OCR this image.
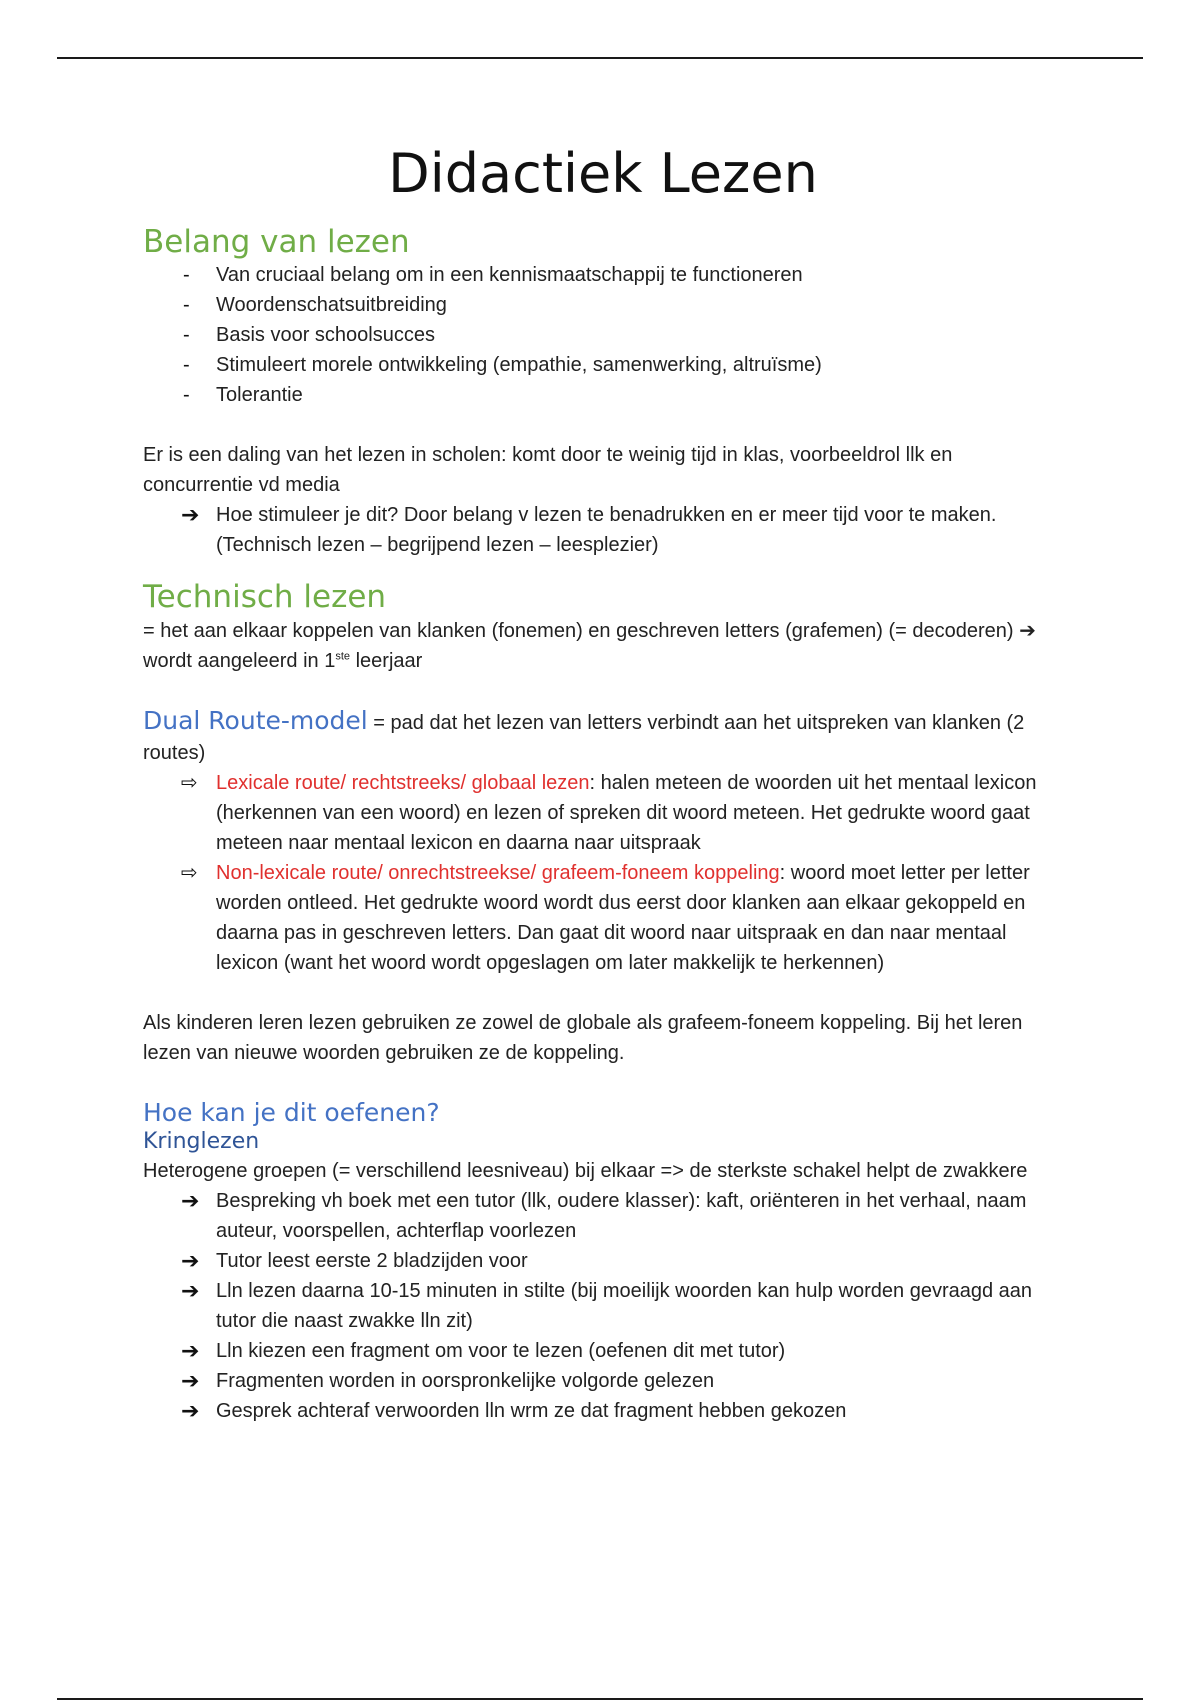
Didactiek Lezen
Belang van lezen
-	Van cruciaal belang om in een kennismaatschappij te functioneren
-	Woordenschatsuitbreiding
-	Basis voor schoolsucces
-	Stimuleert morele ontwikkeling (empathie, samenwerking, altruïsme)
-	Tolerantie

Er is een daling van het lezen in scholen: komt door te weinig tijd in klas, voorbeeldrol llk en concurrentie vd media

➔ Hoe stimuleer je dit? Door belang v lezen te benadrukken en er meer tijd voor te maken. (Technisch lezen – begrijpend lezen – leesplezier)
Technisch lezen

= het aan elkaar koppelen van klanken (fonemen) en geschreven letters (grafemen) (= decoderen) ➔ wordt aangeleerd in 1ste leerjaar

Dual Route-model = pad dat het lezen van letters verbindt aan het uitspreken van klanken (2 routes)

⇨ Lexicale route/ rechtstreeks/ globaal lezen: halen meteen de woorden uit het mentaal lexicon (herkennen van een woord) en lezen of spreken dit woord meteen. Het gedrukte woord gaat meteen naar mentaal lexicon en daarna naar uitspraak
⇨ Non-lexicale route/ onrechtstreekse/ grafeem-foneem koppeling: woord moet letter per letter worden ontleed. Het gedrukte woord wordt dus eerst door klanken aan elkaar gekoppeld en daarna pas in geschreven letters. Dan gaat dit woord naar uitspraak en dan naar mentaal lexicon (want het woord wordt opgeslagen om later makkelijk te herkennen)

Als kinderen leren lezen gebruiken ze zowel de globale als grafeem-foneem koppeling. Bij het leren lezen van nieuwe woorden gebruiken ze de koppeling.

Hoe kan je dit oefenen?
Kringlezen

Heterogene groepen (= verschillend leesniveau) bij elkaar => de sterkste schakel helpt de zwakkere

➔ Bespreking vh boek met een tutor (llk, oudere klasser): kaft, oriënteren in het verhaal, naam auteur, voorspellen, achterflap voorlezen
➔ Tutor leest eerste 2 bladzijden voor
➔ Lln lezen daarna 10-15 minuten in stilte (bij moeilijk woorden kan hulp worden gevraagd aan tutor die naast zwakke lln zit)
➔ Lln kiezen een fragment om voor te lezen (oefenen dit met tutor)
➔ Fragmenten worden in oorspronkelijke volgorde gelezen
➔ Gesprek achteraf verwoorden lln wrm ze dat fragment hebben gekozen
